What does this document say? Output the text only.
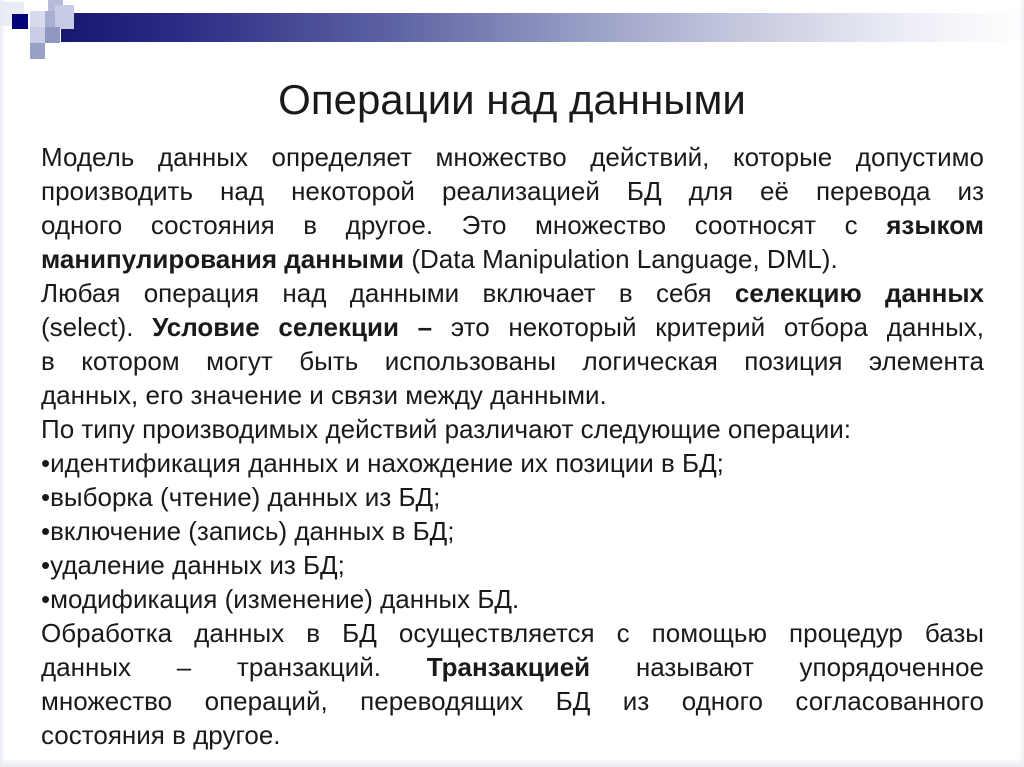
Операции над данными
Модель данных определяет множество действий, которые допустимо
производить над некоторой реализацией БД для её перевода из
одного состояния в другое. Это множество соотносят с языком
манипулирования данными (Data Manipulation Language, DML).
Любая операция над данными включает в себя селекцию данных
(select). Условие селекции – это некоторый критерий отбора данных,
в котором могут быть использованы логическая позиция элемента
данных, его значение и связи между данными.
По типу производимых действий различают следующие операции:
•идентификация данных и нахождение их позиции в БД;
•выборка (чтение) данных из БД;
•включение (запись) данных в БД;
•удаление данных из БД;
•модификация (изменение) данных БД.
Обработка данных в БД осуществляется с помощью процедур базы
данных – транзакций. Транзакцией называют упорядоченное
множество операций, переводящих БД из одного согласованного
состояния в другое.
